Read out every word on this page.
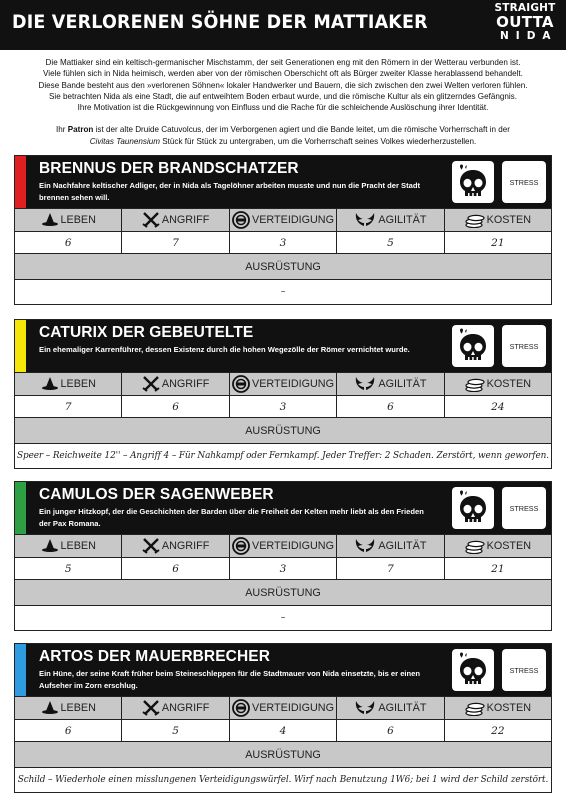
DIE VERLORENEN SÖHNE DER MATTIAKER
STRAIGHT
OUTTA
NIDA

Die Mattiaker sind ein keltisch-germanischer Mischstamm, der seit Generationen eng mit den Römern in der Wetterau verbunden ist.

Viele fühlen sich in Nida heimisch, werden aber von der römischen Oberschicht oft als Bürger zweiter Klasse herablassend behandelt.

Diese Bande besteht aus den »verlorenen Söhnen« lokaler Handwerker und Bauern, die sich zwischen den zwei Welten verloren fühlen.

Sie betrachten Nida als eine Stadt, die auf entweihtem Boden erbaut wurde, und die römische Kultur als ein glitzerndes Gefängnis.

Ihre Motivation ist die Rückgewinnung von Einfluss und die Rache für die schleichende Auslöschung ihrer Identität.

Ihr Patron ist der alte Druide Catuvolcus, der im Verborgenen agiert und die Bande leitet, um die römische Vorherrschaft in der
Civitas Taunensium Stück für Stück zu untergraben, um die Vorherrschaft seines Volkes wiederherzustellen.

BRENNUS DER BRANDSCHATZER
Ein Nachfahre keltischer Adliger, der in Nida als Tagelöhner arbeiten musste und nun die Pracht der Stadt brennen sehen will.
STRESS
LEBEN	ANGRIFF	VERTEIDIGUNG	AGILITÄT	KOSTEN
6	7	3	5	21
AUSRÜSTUNG
–
CATURIX DER GEBEUTELTE
Ein ehemaliger Karrenführer, dessen Existenz durch die hohen Wegezölle der Römer vernichtet wurde.	STRESS
LEBEN	ANGRIFF	VERTEIDIGUNG	AGILITÄT	KOSTEN
7	6	3	6	24
AUSRÜSTUNG
Speer – Reichweite 12'' – Angriff 4 – Für Nahkampf oder Fernkampf. Jeder Treffer: 2 Schaden. Zerstört, wenn geworfen.
CAMULOS DER SAGENWEBER
Ein junger Hitzkopf, der die Geschichten der Barden über die Freiheit der Kelten mehr liebt als den Frieden der Pax Romana.
STRESS
LEBEN	ANGRIFF	VERTEIDIGUNG	AGILITÄT	KOSTEN
5	6	3	7	21
AUSRÜSTUNG
–
ARTOS DER MAUERBRECHER
Ein Hüne, der seine Kraft früher beim Steineschleppen für die Stadtmauer von Nida einsetzte, bis er einen Aufseher im Zorn erschlug.
STRESS
LEBEN	ANGRIFF	VERTEIDIGUNG	AGILITÄT	KOSTEN
6	5	4	6	22
AUSRÜSTUNG
Schild – Wiederhole einen misslungenen Verteidigungswürfel. Wirf nach Benutzung 1W6; bei 1 wird der Schild zerstört.
